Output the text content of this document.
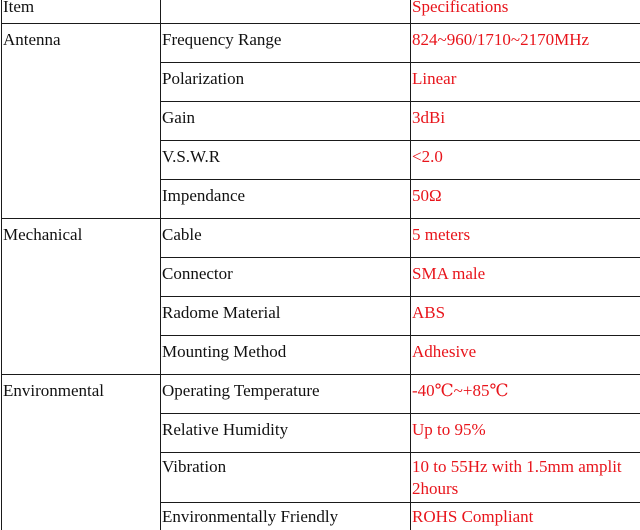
Item		Specifications
Antenna	Frequency Range	824~960/1710~2170MHz
	Polarization	Linear
	Gain	3dBi
	V.S.W.R	<2.0
	Impendance	50Ω
Mechanical	Cable	5 meters
	Connector	SMA male
	Radome Material	ABS
	Mounting Method	Adhesive
Environmental	Operating Temperature	-40℃~+85℃
	Relative Humidity	Up to 95%
	Vibration	10 to 55Hz with 1.5mm amplit
2hours
	Environmentally Friendly	ROHS Compliant
